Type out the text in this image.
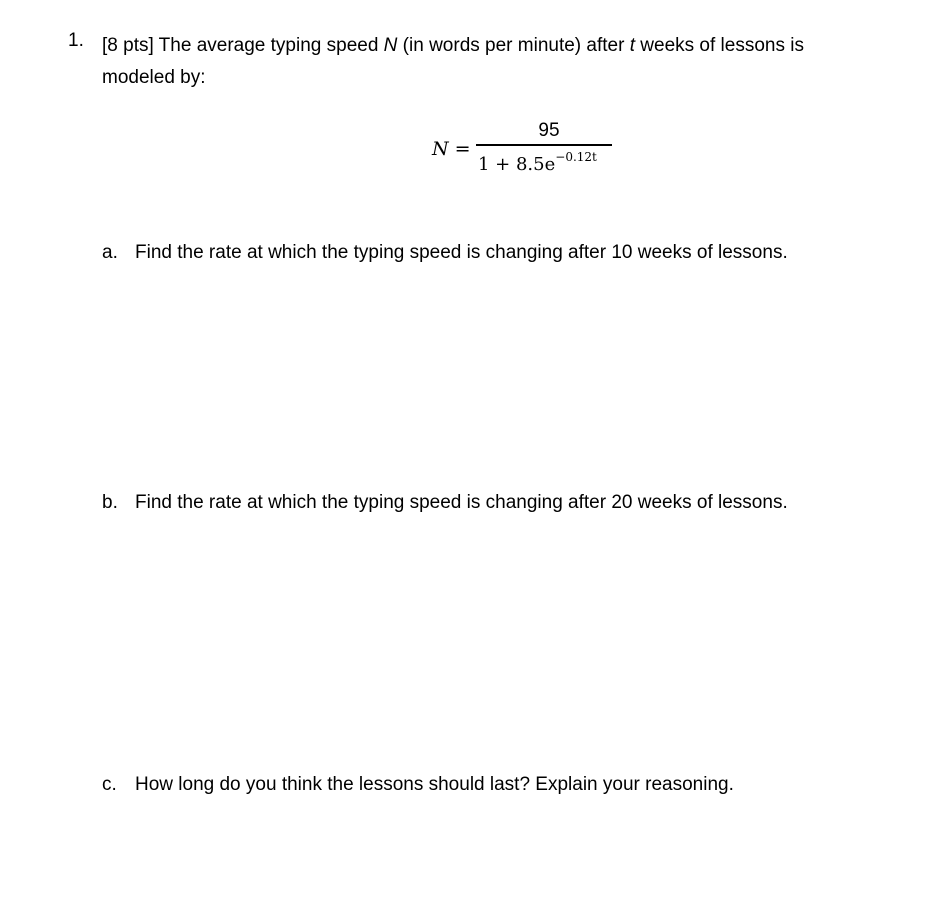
1. [8 pts] The average typing speed N (in words per minute) after t weeks of lessons is modeled by:
N =
95
$1 + 8.5e^{-0.12t}$
a. Find the rate at which the typing speed is changing after 10 weeks of lessons.
b. Find the rate at which the typing speed is changing after 20 weeks of lessons.
c. How long do you think the lessons should last? Explain your reasoning.
